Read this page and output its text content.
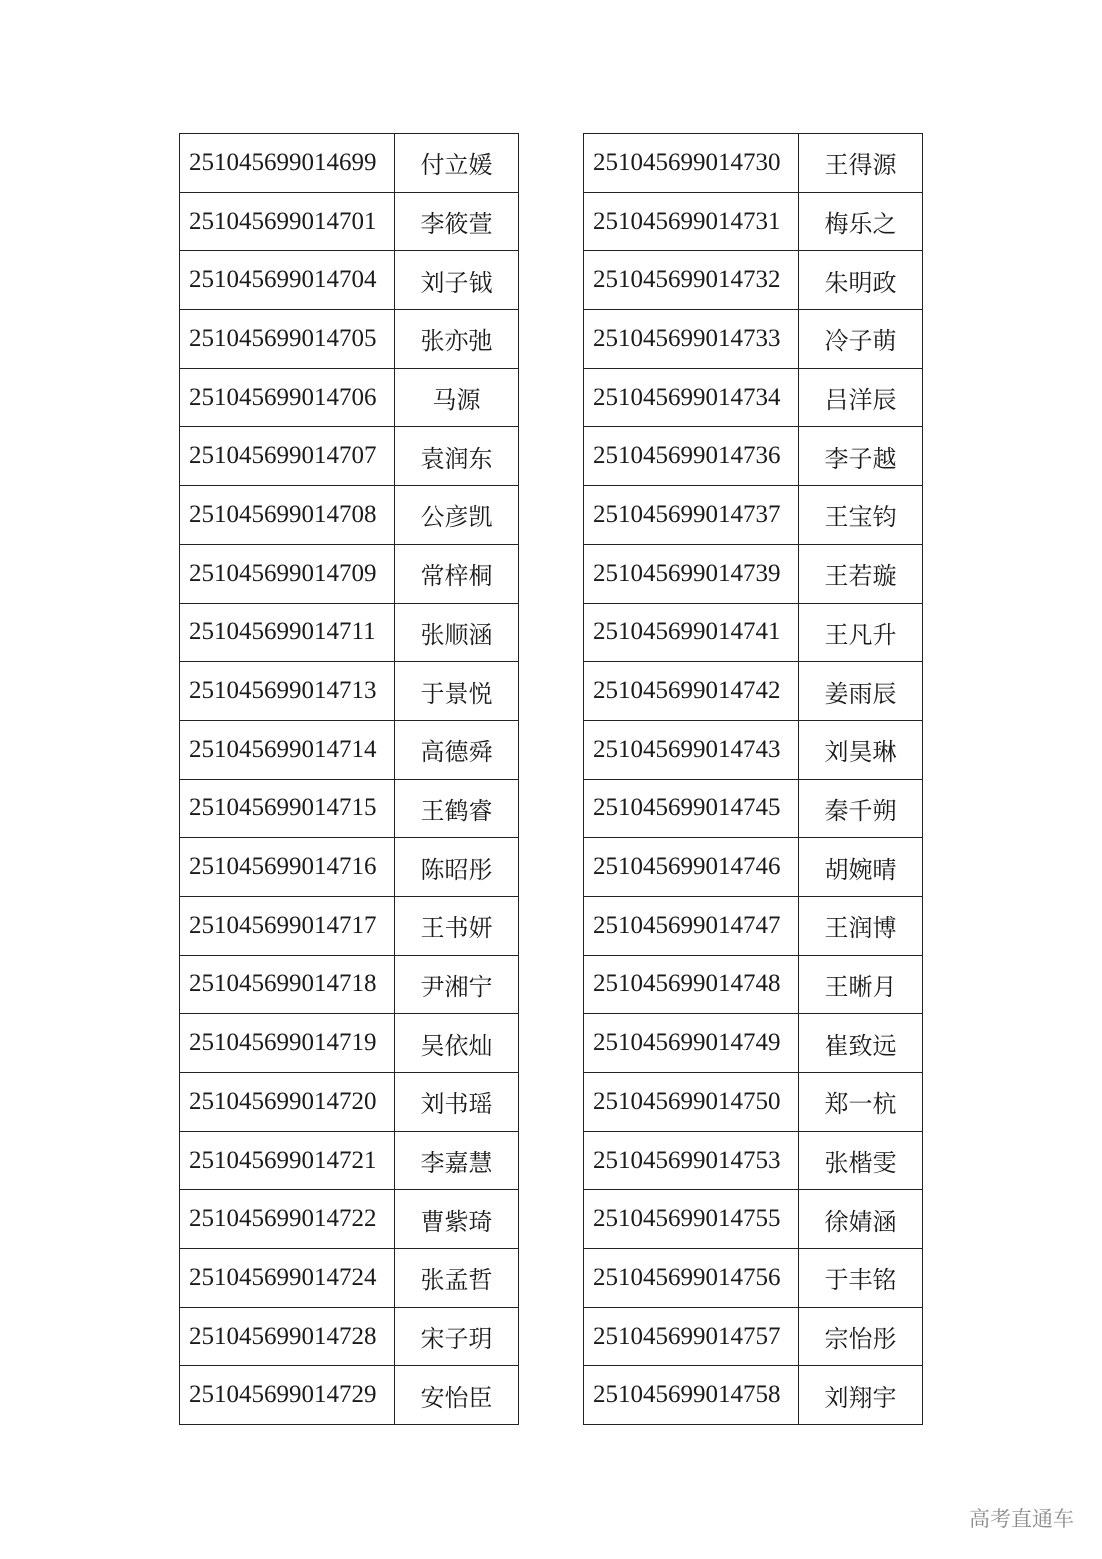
251045699014699	付立媛
251045699014701	李筱萱
251045699014704	刘子钺
251045699014705	张亦弛
251045699014706	马源
251045699014707	袁润东
251045699014708	公彦凯
251045699014709	常梓桐
251045699014711	张顺涵
251045699014713	于景悦
251045699014714	高德舜
251045699014715	王鹤睿
251045699014716	陈昭彤
251045699014717	王书妍
251045699014718	尹湘宁
251045699014719	吴依灿
251045699014720	刘书瑶
251045699014721	李嘉慧
251045699014722	曹紫琦
251045699014724	张孟哲
251045699014728	宋子玥
251045699014729	安怡臣
251045699014730	王得源
251045699014731	梅乐之
251045699014732	朱明政
251045699014733	冷子萌
251045699014734	吕洋辰
251045699014736	李子越
251045699014737	王宝钧
251045699014739	王若璇
251045699014741	王凡升
251045699014742	姜雨辰
251045699014743	刘昊琳
251045699014745	秦千朔
251045699014746	胡婉晴
251045699014747	王润博
251045699014748	王晰月
251045699014749	崔致远
251045699014750	郑一杭
251045699014753	张楷雯
251045699014755	徐婧涵
251045699014756	于丰铭
251045699014757	宗怡彤
251045699014758	刘翔宇
高考直通车
